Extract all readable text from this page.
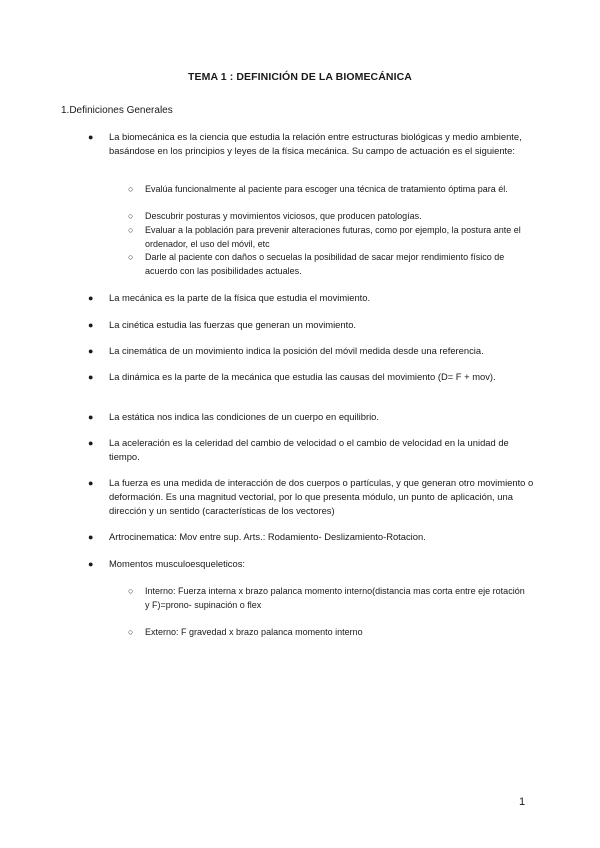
TEMA 1 : DEFINICIÓN DE LA BIOMECÁNICA
1.Definiciones Generales
● La biomecánica es la ciencia que estudia la relación entre estructuras biológicas y medio ambiente, basándose en los principios y leyes de la física mecánica. Su campo de actuación es el siguiente:
○ Evalúa funcionalmente al paciente para escoger una técnica de tratamiento óptima para él.
○ Descubrir posturas y movimientos viciosos, que producen patologías.
○ Evaluar a la población para prevenir alteraciones futuras, como por ejemplo, la postura ante el ordenador, el uso del móvil, etc
○ Darle al paciente con daños o secuelas la posibilidad de sacar mejor rendimiento físico de acuerdo con las posibilidades actuales.
● La mecánica es la parte de la física que estudia el movimiento.
● La cinética estudia las fuerzas que generan un movimiento.
● La cinemática de un movimiento indica la posición del móvil medida desde una referencia.
● La dinámica es la parte de la mecánica que estudia las causas del movimiento (D= F + mov).
● La estática nos indica las condiciones de un cuerpo en equilibrio.
● La aceleración es la celeridad del cambio de velocidad o el cambio de velocidad en la unidad de tiempo.
● La fuerza es una medida de interacción de dos cuerpos o partículas, y que generan otro movimiento o deformación. Es una magnitud vectorial, por lo que presenta módulo, un punto de aplicación, una dirección y un sentido (características de los vectores)
● Artrocinematica: Mov entre sup. Arts.: Rodamiento- Deslizamiento-Rotacion.
● Momentos musculoesqueleticos:
○ Interno: Fuerza interna x brazo palanca momento interno(distancia mas corta entre eje rotación y F)=prono- supinación o flex
○ Externo: F gravedad x brazo palanca momento interno
1
